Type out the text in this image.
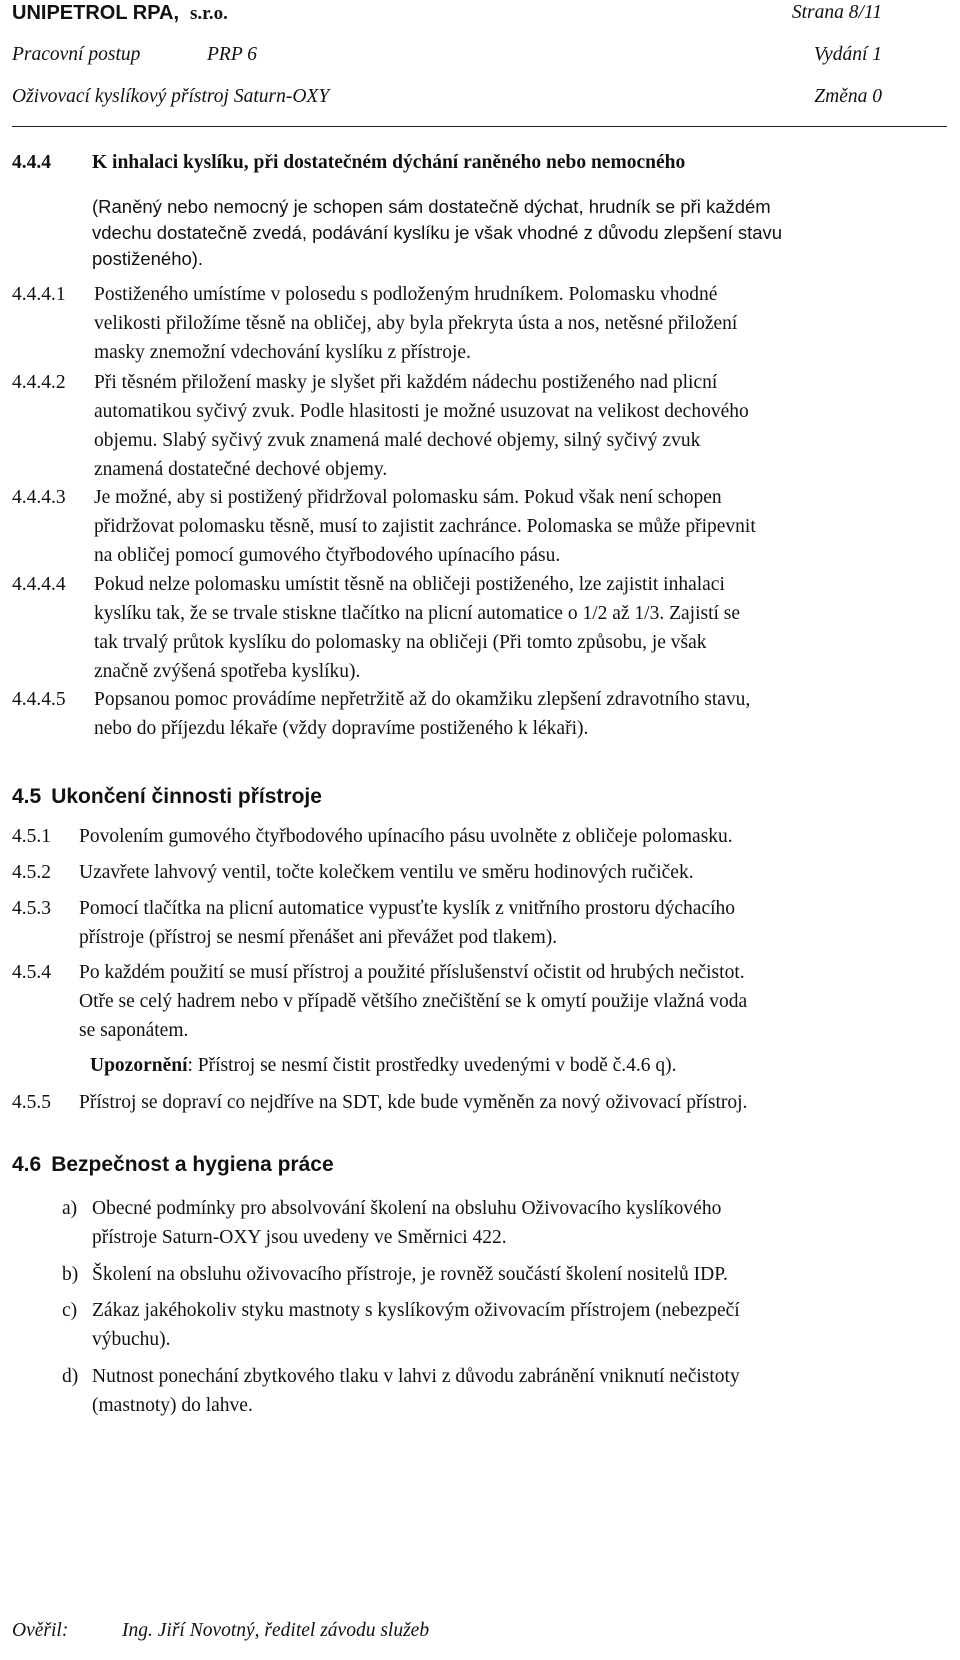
UNIPETROL RPA, s.r.o.	Strana 8/11
Pracovní postup	PRP 6	Vydání 1
Oživovací kyslíkový přístroj Saturn-OXY	Změna 0
4.4.4 K inhalaci kyslíku, při dostatečném dýchání raněného nebo nemocného
(Raněný nebo nemocný je schopen sám dostatečně dýchat, hrudník se při každém
vdechu dostatečně zvedá, podávání kyslíku je však vhodné z důvodu zlepšení stavu
postiženého).
4.4.4.1 Postiženého umístíme v polosedu s podloženým hrudníkem. Polomasku vhodné
velikosti přiložíme těsně na obličej, aby byla překryta ústa a nos, netěsné přiložení
masky znemožní vdechování kyslíku z přístroje.
4.4.4.2 Při těsném přiložení masky je slyšet při každém nádechu postiženého nad plicní
automatikou syčivý zvuk. Podle hlasitosti je možné usuzovat na velikost dechového
objemu. Slabý syčivý zvuk znamená malé dechové objemy, silný syčivý zvuk
znamená dostatečné dechové objemy.
4.4.4.3 Je možné, aby si postižený přidržoval polomasku sám. Pokud však není schopen
přidržovat polomasku těsně, musí to zajistit zachránce. Polomaska se může připevnit
na obličej pomocí gumového čtyřbodového upínacího pásu.
4.4.4.4 Pokud nelze polomasku umístit těsně na obličeji postiženého, lze zajistit inhalaci
kyslíku tak, že se trvale stiskne tlačítko na plicní automatice o 1/2 až 1/3. Zajistí se
tak trvalý průtok kyslíku do polomasky na obličeji (Při tomto způsobu, je však
značně zvýšená spotřeba kyslíku).
4.4.4.5 Popsanou pomoc provádíme nepřetržitě až do okamžiku zlepšení zdravotního stavu,
nebo do příjezdu lékaře (vždy dopravíme postiženého k lékaři).
4.5 Ukončení činnosti přístroje
4.5.1 Povolením gumového čtyřbodového upínacího pásu uvolněte z obličeje polomasku.
4.5.2 Uzavřete lahvový ventil, točte kolečkem ventilu ve směru hodinových ručiček.
4.5.3 Pomocí tlačítka na plicní automatice vypusťte kyslík z vnitřního prostoru dýchacího
přístroje (přístroj se nesmí přenášet ani převážet pod tlakem).
4.5.4 Po každém použití se musí přístroj a použité příslušenství očistit od hrubých nečistot.
Otře se celý hadrem nebo v případě většího znečištění se k omytí použije vlažná voda
se saponátem.
Upozornění: Přístroj se nesmí čistit prostředky uvedenými v bodě č.4.6 q).
4.5.5 Přístroj se dopraví co nejdříve na SDT, kde bude vyměněn za nový oživovací přístroj.
4.6 Bezpečnost a hygiena práce
a) Obecné podmínky pro absolvování školení na obsluhu Oživovacího kyslíkového
přístroje Saturn-OXY jsou uvedeny ve Směrnici 422.
b) Školení na obsluhu oživovacího přístroje, je rovněž součástí školení nositelů IDP.
c) Zákaz jakéhokoliv styku mastnoty s kyslíkovým oživovacím přístrojem (nebezpečí
výbuchu).
d) Nutnost ponechání zbytkového tlaku v lahvi z důvodu zabránění vniknutí nečistoty
(mastnoty) do lahve.
Ověřil:	Ing. Jiří Novotný, ředitel závodu služeb
